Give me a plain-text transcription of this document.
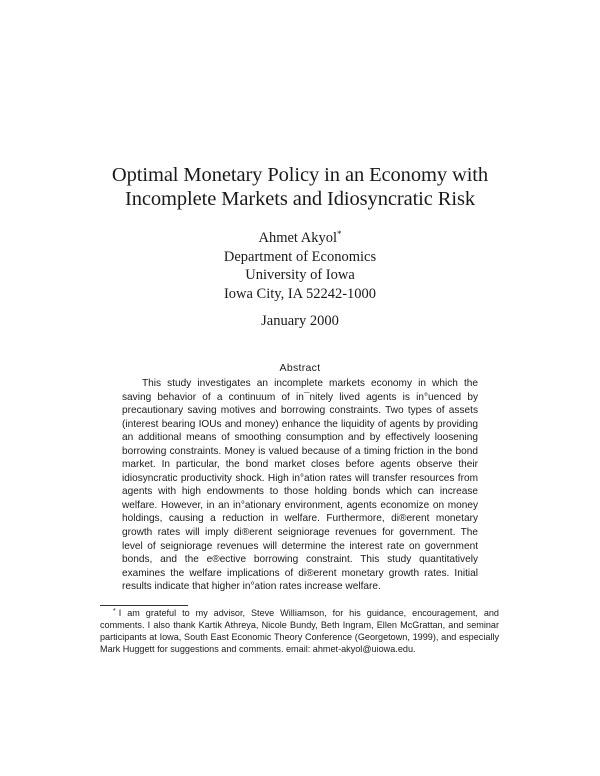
Optimal Monetary Policy in an Economy with
Incomplete Markets and Idiosyncratic Risk
Ahmet Akyol*
Department of Economics
University of Iowa
Iowa City, IA 52242-1000
January 2000
Abstract
This study investigates an incomplete markets economy in which the saving behavior of a continuum of in¯nitely lived agents is in°uenced by precautionary saving motives and borrowing constraints. Two types of assets (interest bearing IOUs and money) enhance the liquidity of agents by providing an additional means of smoothing consumption and by effectively loosening borrowing constraints. Money is valued because of a timing friction in the bond market. In particular, the bond market closes before agents observe their idiosyncratic productivity shock. High in°ation rates will transfer resources from agents with high endowments to those holding bonds which can increase welfare. However, in an in°ationary environment, agents economize on money holdings, causing a reduction in welfare. Furthermore, di®erent monetary growth rates will imply di®erent seigniorage revenues for government. The level of seigniorage revenues will determine the interest rate on government bonds, and the e®ective borrowing constraint. This study quantitatively examines the welfare implications of di®erent monetary growth rates. Initial results indicate that higher in°ation rates increase welfare.
* I am grateful to my advisor, Steve Williamson, for his guidance, encouragement, and comments. I also thank Kartik Athreya, Nicole Bundy, Beth Ingram, Ellen McGrattan, and seminar participants at Iowa, South East Economic Theory Conference (Georgetown, 1999), and especially Mark Huggett for suggestions and comments. email: ahmet-akyol@uiowa.edu.
